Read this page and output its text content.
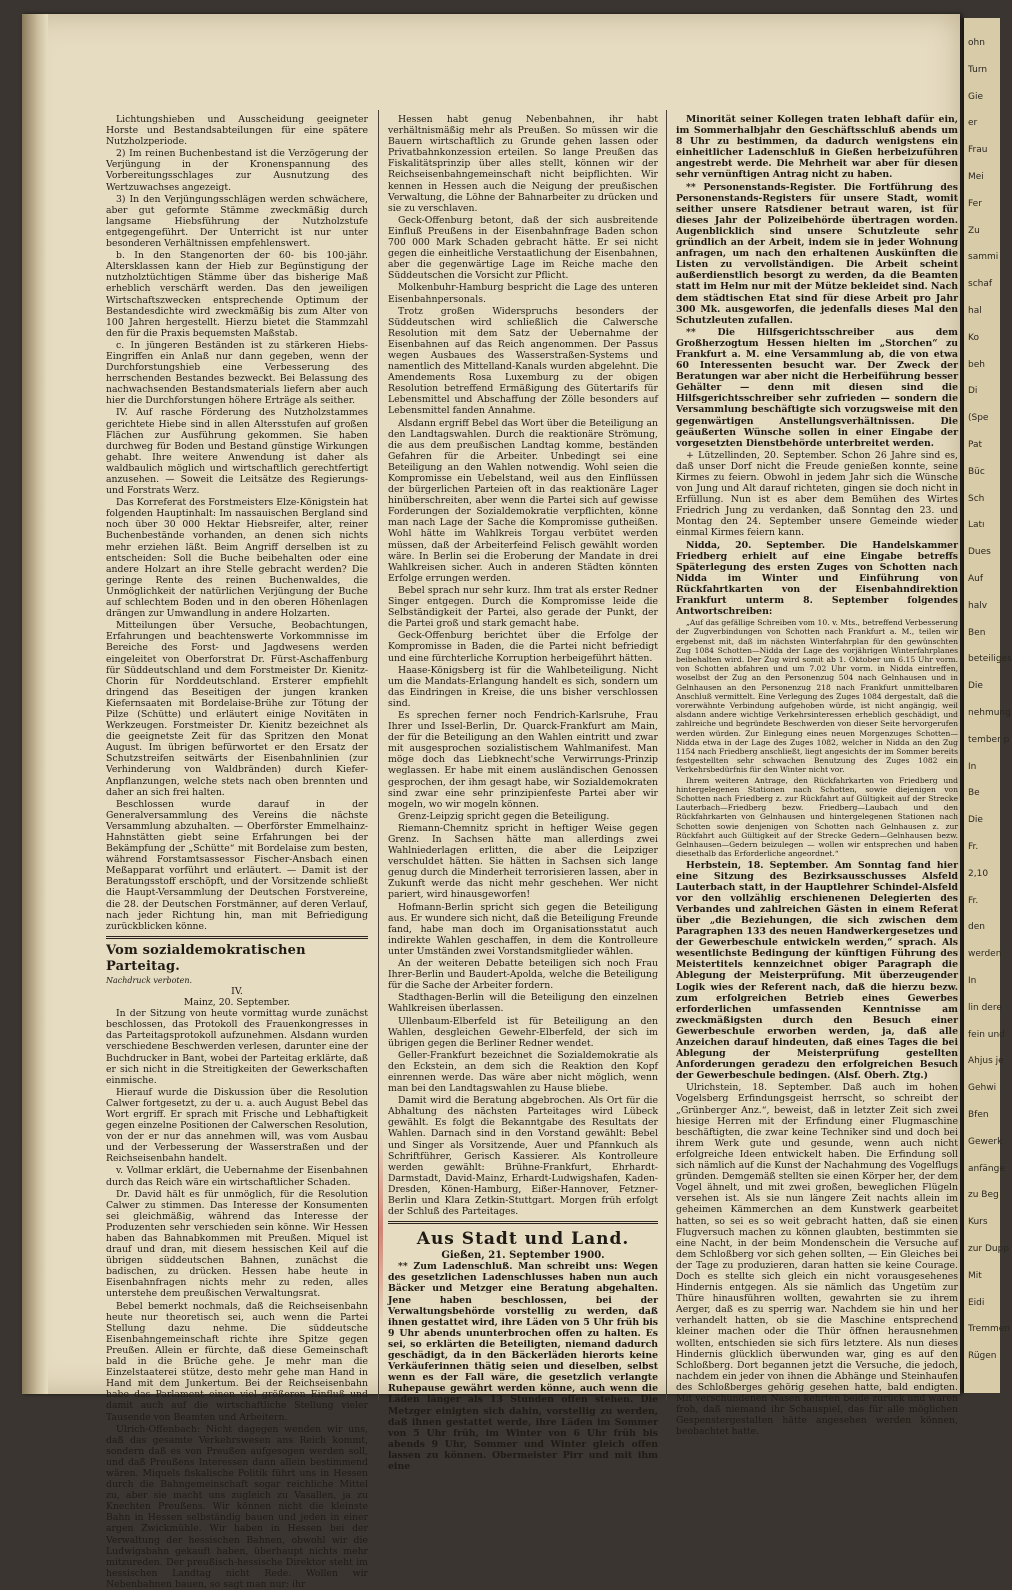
Lichtungshieben und Ausscheidung geeigneter Horste und Bestandsabteilungen für eine spätere Nutzholzperiode.

2) Im reinen Buchenbestand ist die Verzögerung der Verjüngung in der Kronenspannung des Vorbereitungsschlages zur Ausnutzung des Wertzuwachses angezeigt.

3) In den Verjüngungsschlägen werden schwächere, aber gut geformte Stämme zweckmäßig durch langsame Hiebsführung der Nutzholzstufe entgegengeführt. Der Unterricht ist nur unter besonderen Verhältnissen empfehlenswert.

b. In den Stangenorten der 60- bis 100-jähr. Altersklassen kann der Hieb zur Begünstigung der nutzholztüchtigen Stämme über das bisherige Maß erheblich verschärft werden. Das den jeweiligen Wirtschaftszwecken entsprechende Optimum der Bestandesdichte wird zweckmäßig bis zum Alter von 100 Jahren hergestellt. Hierzu bietet die Stammzahl den für die Praxis bequemsten Maßstab.

c. In jüngeren Beständen ist zu stärkeren Hiebs-Eingriffen ein Anlaß nur dann gegeben, wenn der Durchforstungshieb eine Verbesserung des herrschenden Bestandes bezweckt. Bei Belassung des nachwachsenden Bestandsmaterials liefern aber auch hier die Durchforstungen höhere Erträge als seither.

IV. Auf rasche Förderung des Nutzholzstammes gerichtete Hiebe sind in allen Altersstufen auf großen Flächen zur Ausführung gekommen. Sie haben durchweg für Boden und Bestand günstige Wirkungen gehabt. Ihre weitere Anwendung ist daher als waldbaulich möglich und wirtschaftlich gerechtfertigt anzusehen. — Soweit die Leitsätze des Regierungs- und Forstrats Werz.

Das Korreferat des Forstmeisters Elze-Königstein hat folgenden Hauptinhalt: Im nassauischen Bergland sind noch über 30 000 Hektar Hiebsreifer, alter, reiner Buchenbestände vorhanden, an denen sich nichts mehr erziehen läßt. Beim Angriff derselben ist zu entscheiden: Soll die Buche beibehalten oder eine andere Holzart an ihre Stelle gebracht werden? Die geringe Rente des reinen Buchenwaldes, die Unmöglichkeit der natürlichen Verjüngung der Buche auf schlechtem Boden und in den oberen Höhenlagen drängen zur Umwandlung in andere Holzarten.

Mitteilungen über Versuche, Beobachtungen, Erfahrungen und beachtenswerte Vorkommnisse im Bereiche des Forst- und Jagdwesens werden eingeleitet von Oberforstrat Dr. Fürst-Aschaffenburg für Süddeutschland und dem Forstmeister Dr. Kienitz-Chorin für Norddeutschland. Ersterer empfiehlt dringend das Beseitigen der jungen kranken Kiefernsaaten mit Bordelaise-Brühe zur Tötung der Pilze (Schütte) und erläutert einige Novitäten in Werkzeugen. Forstmeister Dr. Kienitz bezeichnet als die geeignetste Zeit für das Spritzen den Monat August. Im übrigen befürwortet er den Ersatz der Schutzstreifen seitwärts der Eisenbahnlinien (zur Verhinderung von Waldbränden) durch Kiefer-Anpflanzungen, welche stets nach oben brennten und daher an sich frei halten.

Beschlossen wurde darauf in der Generalversammlung des Vereins die nächste Versammlung abzuhalten. — Oberförster Emmelhainz-Hahnstätten giebt seine Erfahrungen bei der Bekämpfung der „Schütte“ mit Bordelaise zum besten, während Forstamtsassessor Fischer-Ansbach einen Meßapparat vorführt und erläutert. — Damit ist der Beratungsstoff erschöpft, und der Vorsitzende schließt die Haupt-Versammlung der Deutschen Forstvereine, die 28. der Deutschen Forstmänner, auf deren Verlauf, nach jeder Richtung hin, man mit Befriedigung zurückblicken könne.

Vom sozialdemokratischen Parteitag.
Nachdruck verboten.
IV.
Mainz, 20. September.

In der Sitzung von heute vormittag wurde zunächst beschlossen, das Protokoll des Frauenkongresses in das Parteitagsprotokoll aufzunehmen. Alsdann wurden verschiedene Beschwerden verlesen, darunter eine der Buchdrucker in Bant, wobei der Parteitag erklärte, daß er sich nicht in die Streitigkeiten der Gewerkschaften einmische.

Hierauf wurde die Diskussion über die Resolution Calwer fortgesetzt, zu der u. a. auch August Bebel das Wort ergriff. Er sprach mit Frische und Lebhaftigkeit gegen einzelne Positionen der Calwerschen Resolution, von der er nur das annehmen will, was vom Ausbau und der Verbesserung der Wasserstraßen und der Reichseisenbahn handelt.

v. Vollmar erklärt, die Uebernahme der Eisenbahnen durch das Reich wäre ein wirtschaftlicher Schaden.

Dr. David hält es für unmöglich, für die Resolution Calwer zu stimmen. Das Interesse der Konsumenten sei gleichmäßig, während das Interesse der Produzenten sehr verschieden sein könne. Wir Hessen haben das Bahnabkommen mit Preußen. Miquel ist drauf und dran, mit diesem hessischen Keil auf die übrigen süddeutschen Bahnen, zunächst die badischen, zu drücken. Hessen habe heute in Eisenbahnfragen nichts mehr zu reden, alles unterstehe dem preußischen Verwaltungsrat.

Bebel bemerkt nochmals, daß die Reichseisenbahn heute nur theoretisch sei, auch wenn die Partei Stellung dazu nehme. Die süddeutsche Eisenbahngemeinschaft richte ihre Spitze gegen Preußen. Allein er fürchte, daß diese Gemeinschaft bald in die Brüche gehe. Je mehr man die Einzelstaaterei stütze, desto mehr gehe man Hand in Hand mit dem Junkertum. Bei der Reichseisenbahn habe das Parlament einen viel größeren Einfluß und damit auch auf die wirtschaftliche Stellung vieler Tausende von Beamten und Arbeitern.

Ulrich-Offenbach: Nicht dagegen wenden wir uns, daß das gesamte Verkehrswesen ans Reich kommt, sondern daß es von Preußen aufgesogen werden soll, und daß Preußens Interessen dann allein bestimmend wären. Miquels fiskalische Politik führt uns in Hessen durch die Bahngemeinschaft sogar reichliche Mittel zu, aber sie macht uns zugleich zu Vasallen, ja zu Knechten Preußens. Wir können nicht die kleinste Bahn in Hessen selbständig bauen und jeden in einer argen Zwickmühle. Wir haben in Hessen bei der Verwaltung der hessischen Bahnen, obwohl wir die Ludwigsbahn gekauft haben, überhaupt nichts mehr mitzureden. Der preußisch-hessische Direktor steht im hessischen Landtag nicht Rede. Wollen wir Nebenbahnen bauen, so sagt man nur: ihr

Hessen habt genug Nebenbahnen, ihr habt verhältnismäßig mehr als Preußen. So müssen wir die Bauern wirtschaftlich zu Grunde gehen lassen oder Privatbahnkonzession erteilen. So lange Preußen das Fiskalitätsprinzip über alles stellt, können wir der Reichseisenbahngemeinschaft nicht beipflichten. Wir kennen in Hessen auch die Neigung der preußischen Verwaltung, die Löhne der Bahnarbeiter zu drücken und sie zu verschlaven.

Geck-Offenburg betont, daß der sich ausbreitende Einfluß Preußens in der Eisenbahnfrage Baden schon 700 000 Mark Schaden gebracht hätte. Er sei nicht gegen die einheitliche Verstaatlichung der Eisenbahnen, aber die gegenwärtige Lage im Reiche mache den Süddeutschen die Vorsicht zur Pflicht.

Molkenbuhr-Hamburg bespricht die Lage des unteren Eisenbahnpersonals.

Trotz großen Widerspruchs besonders der Süddeutschen wird schließlich die Calwersche Resolution mit dem Satz der Uebernahme der Eisenbahnen auf das Reich angenommen. Der Passus wegen Ausbaues des Wasserstraßen-Systems und namentlich des Mittelland-Kanals wurden abgelehnt. Die Amendements Rosa Luxemburg zu der obigen Resolution betreffend Ermäßigung des Gütertarifs für Lebensmittel und Abschaffung der Zölle besonders auf Lebensmittel fanden Annahme.

Alsdann ergriff Bebel das Wort über die Beteiligung an den Landtagswahlen. Durch die reaktionäre Strömung, die aus dem preußischen Landtag komme, beständen Gefahren für die Arbeiter. Unbedingt sei eine Beteiligung an den Wahlen notwendig. Wohl seien die Kompromisse ein Uebelstand, weil aus den Einflüssen der bürgerlichen Parteien oft in das reaktionäre Lager hinüberschreiten, aber wenn die Partei sich auf gewisse Forderungen der Sozialdemokratie verpflichten, könne man nach Lage der Sache die Kompromisse gutheißen. Wohl hätte im Wahlkreis Torgau verbütet werden müssen, daß der Arbeiterfeind Felisch gewählt worden wäre. In Berlin sei die Eroberung der Mandate in drei Wahlkreisen sicher. Auch in anderen Städten könnten Erfolge errungen werden.

Bebel sprach nur sehr kurz. Ihm trat als erster Redner Singer entgegen. Durch die Kompromisse leide die Selbständigkeit der Partei, also gerade der Punkt, der die Partei groß und stark gemacht habe.

Geck-Offenburg berichtet über die Erfolge der Kompromisse in Baden, die die Partei nicht befriedigt und eine fürchterliche Korruption herbeigeführt hätten.

Haase-Königsberg ist für die Wahlbeteiligung. Nicht um die Mandats-Erlangung handelt es sich, sondern um das Eindringen in Kreise, die uns bisher verschlossen sind.

Es sprechen ferner noch Fendrich-Karlsruhe, Frau Ihrer und Issel-Berlin, Dr. Quarck-Frankfurt am Main, der für die Beteiligung an den Wahlen eintritt und zwar mit ausgesprochen sozialistischem Wahlmanifest. Man möge doch das Liebknecht'sche Verwirrungs-Prinzip weglassen. Er habe mit einem ausländischen Genossen gesprochen, der ihm gesagt habe, wir Sozialdemokraten sind zwar eine sehr prinzipienfeste Partei aber wir mogeln, wo wir mogeln können.

Grenz-Leipzig spricht gegen die Beteiligung.

Riemann-Chemnitz spricht in heftiger Weise gegen Grenz. In Sachsen hätte man allerdings zwei Wahlniederlagen erlitten, die aber die Leipziger verschuldet hätten. Sie hätten in Sachsen sich lange genug durch die Minderheit terrorisieren lassen, aber in Zukunft werde das nicht mehr geschehen. Wer nicht pariert, wird hinausgeworfen!

Hofmann-Berlin spricht sich gegen die Beteiligung aus. Er wundere sich nicht, daß die Beteiligung Freunde fand, habe man doch im Organisationsstatut auch indirekte Wahlen geschaffen, in dem die Kontrolleure unter Umständen zwei Vorstandsmitglieder wählen.

An der weiteren Debatte beteiligen sich noch Frau Ihrer-Berlin und Baudert-Apolda, welche die Beteiligung für die Sache der Arbeiter fordern.

Stadthagen-Berlin will die Beteiligung den einzelnen Wahlkreisen überlassen.

Ullenbaum-Elberfeld ist für Beteiligung an den Wahlen, desgleichen Gewehr-Elberfeld, der sich im übrigen gegen die Berliner Redner wendet.

Geller-Frankfurt bezeichnet die Sozialdemokratie als den Eckstein, an dem sich die Reaktion den Kopf einrennen werde. Das wäre aber nicht möglich, wenn man bei den Landtagswahlen zu Hause bliebe.

Damit wird die Beratung abgebrochen. Als Ort für die Abhaltung des nächsten Parteitages wird Lübeck gewählt. Es folgt die Bekanntgabe des Resultats der Wahlen. Darnach sind in den Vorstand gewählt: Bebel und Singer als Vorsitzende, Auer und Pfannkuch als Schriftführer, Gerisch Kassierer. Als Kontrolleure werden gewählt: Brühne-Frankfurt, Ehrhardt-Darmstadt, David-Mainz, Erhardt-Ludwigshafen, Kaden-Dresden, Könen-Hamburg, Eißer-Hannover, Fetzner-Berlin und Klara Zetkin-Stuttgart. Morgen früh erfolgt der Schluß des Parteitages.

Aus Stadt und Land.
Gießen, 21. September 1900.

** Zum Ladenschluß. Man schreibt uns: Wegen des gesetzlichen Ladenschlusses haben nun auch Bäcker und Metzger eine Beratung abgehalten. Jene haben beschlossen, bei der Verwaltungsbehörde vorstellig zu werden, daß ihnen gestattet wird, ihre Läden von 5 Uhr früh bis 9 Uhr abends ununterbrochen offen zu halten. Es sei, so erklärten die Beteiligten, niemand dadurch geschädigt, da in den Bäckerläden hierorts keine Verkäuferinnen thätig seien und dieselben, selbst wenn es der Fall wäre, die gesetzlich verlangte Ruhepause gewährt werden könne, auch wenn die Läden länger als 13 Stunden offen stehen. Die Metzger einigten sich dahin, vorstellig zu werden, daß ihnen gestattet werde, ihre Läden im Sommer von 5 Uhr früh, im Winter von 6 Uhr früh bis abends 9 Uhr, Sommer und Winter gleich offen lassen zu können. Obermeister Pirr und mit ihm eine

Minorität seiner Kollegen traten lebhaft dafür ein, im Sommerhalbjahr den Geschäftsschluß abends um 8 Uhr zu bestimmen, da dadurch wenigstens ein einheitlicher Ladenschluß in Gießen herbeizuführen angestrebt werde. Die Mehrheit war aber für diesen sehr vernünftigen Antrag nicht zu haben.

** Personenstands-Register. Die Fortführung des Personenstands-Registers für unsere Stadt, womit seither unsere Ratsdiener betraut waren, ist für dieses Jahr der Polizeibehörde übertragen worden. Augenblicklich sind unsere Schutzleute sehr gründlich an der Arbeit, indem sie in jeder Wohnung anfragen, um nach den erhaltenen Auskünften die Listen zu vervollständigen. Die Arbeit scheint außerdienstlich besorgt zu werden, da die Beamten statt im Helm nur mit der Mütze bekleidet sind. Nach dem städtischen Etat sind für diese Arbeit pro Jahr 300 Mk. ausgeworfen, die jedenfalls dieses Mal den Schutzleuten zufallen.

** Die Hilfsgerichtsschreiber aus dem Großherzogtum Hessen hielten im „Storchen“ zu Frankfurt a. M. eine Versammlung ab, die von etwa 60 Interessenten besucht war. Der Zweck der Beratungen war aber nicht die Herbeiführung besser Gehälter — denn mit diesen sind die Hilfsgerichtsschreiber sehr zufrieden — sondern die Versammlung beschäftigte sich vorzugsweise mit den gegenwärtigen Anstellungsverhältnissen. Die geäußerten Wünsche sollen in einer Eingabe der vorgesetzten Dienstbehörde unterbreitet werden.

+ Lützellinden, 20. September. Schon 26 Jahre sind es, daß unser Dorf nicht die Freude genießen konnte, seine Kirmes zu feiern. Obwohl in jedem Jahr sich die Wünsche von Jung und Alt darauf richteten, gingen sie doch nicht in Erfüllung. Nun ist es aber dem Bemühen des Wirtes Friedrich Jung zu verdanken, daß Sonntag den 23. und Montag den 24. September unsere Gemeinde wieder einmal Kirmes feiern kann.

Nidda, 20. September. Die Handelskammer Friedberg erhielt auf eine Eingabe betreffs Späterlegung des ersten Zuges von Schotten nach Nidda im Winter und Einführung von Rückfahrtkarten von der Eisenbahndirektion Frankfurt unterm 8. September folgendes Antwortschreiben:

„Auf das gefällige Schreiben vom 10. v. Mts., betreffend Verbesserung der Zugverbindungen von Schotten nach Frankfurt a. M., teilen wir ergebenst mit, daß im nächsten Winterfahrplan für den gewünschten Zug 1084 Schotten—Nidda der Lage des vorjährigen Winterfahrplanes beibehalten wird. Der Zug wird somit ab 1. Oktober um 6.15 Uhr vorm. von Schotten abfahren und um 7.02 Uhr vorm. in Nidda eintreffen, woselbst der Zug an den Personenzug 504 nach Gelnhausen und in Gelnhausen an den Personenzug 218 nach Frankfurt unmittelbaren Anschluß vermittelt. Eine Verlegung des Zuges 1084 dergestalt, daß die vorerwähnte Verbindung aufgehoben würde, ist nicht angängig, weil alsdann andere wichtige Verkehrsinteressen erheblich geschädigt, und zahlreiche und begründete Beschwerden von dieser Seite hervorgerufen werden würden. Zur Einlegung eines neuen Morgenzuges Schotten—Nidda etwa in der Lage des Zuges 1082, welcher in Nidda an den Zug 1154 nach Friedberg anschließt, liegt angesichts der im Sommer bereits festgestellten sehr schwachen Benutzung des Zuges 1082 ein Verkehrsbedürfnis für den Winter nicht vor.

Ihrem weiteren Antrage, den Rückfahrkarten von Friedberg und hintergelegenen Stationen nach Schotten, sowie diejenigen von Schotten nach Friedberg z. zur Rückfahrt auf Gültigkeit auf der Strecke Lauterbach—Friedberg bezw. Friedberg—Laubach und den Rückfahrkarten von Gelnhausen und hintergelegenen Stationen nach Schotten sowie denjenigen von Schotten nach Gelnhausen z. zur Rückfahrt auch Gültigkeit auf der Strecke Gedern—Gelnhausen bezw. Gelnhausen—Gedern beizulegen — wollen wir entsprechen und haben diesethalb das Erforderliche angeordnet.“

Herbstein, 18. September. Am Sonntag fand hier eine Sitzung des Bezirksausschusses Alsfeld Lauterbach statt, in der Hauptlehrer Schindel-Alsfeld vor den vollzählig erschienenen Delegierten des Verbandes und zahlreichen Gästen in einem Referat über „die Beziehungen, die sich zwischen dem Paragraphen 133 des neuen Handwerkergesetzes und der Gewerbeschule entwickeln werden,“ sprach. Als wesentlichste Bedingung der künftigen Führung des Meistertitels kennzeichnet obiger Paragraph die Ablegung der Meisterprüfung. Mit überzeugender Logik wies der Referent nach, daß die hierzu bezw. zum erfolgreichen Betrieb eines Gewerbes erforderlichen umfassenden Kenntnisse am zweckmäßigsten durch den Besuch einer Gewerbeschule erworben werden, ja, daß alle Anzeichen darauf hindeuten, daß eines Tages die bei Ablegung der Meisterprüfung gestellten Anforderungen geradezu den erfolgreichen Besuch der Gewerbeschule bedingen. (Alsf. Oberh. Ztg.)

Ulrichstein, 18. September. Daß auch im hohen Vogelsberg Erfindungsgeist herrscht, so schreibt der „Grünberger Anz.“, beweist, daß in letzter Zeit sich zwei hiesige Herren mit der Erfindung einer Flugmaschine beschäftigten, die zwar keine Techniker sind und doch bei ihrem Werk gute und gesunde, wenn auch nicht erfolgreiche Ideen entwickelt haben. Die Erfindung soll sich nämlich auf die Kunst der Nachahmung des Vogelflugs gründen. Demgemäß stellten sie einen Körper her, der dem Vogel ähnelt, und mit zwei großen, beweglichen Flügeln versehen ist. Als sie nun längere Zeit nachts allein im geheimen Kämmerchen an dem Kunstwerk gearbeitet hatten, so sei es so weit gebracht hatten, daß sie einen Flugversuch machen zu können glaubten, bestimmten sie eine Nacht, in der beim Mondenschein die Versuche auf dem Schloßberg vor sich gehen sollten, — Ein Gleiches bei der Tage zu produzieren, daran hatten sie keine Courage. Doch es stellte sich gleich ein nicht vorausgesehenes Hindernis entgegen. Als sie nämlich das Ungetüm zur Thüre hinausführen wollten, gewahrten sie zu ihrem Aerger, daß es zu sperrig war. Nachdem sie hin und her verhandelt hatten, ob sie die Maschine entsprechend kleiner machen oder die Thür öffnen herausnehmen wollten, entschieden sie sich fürs letztere. Als nun dieses Hindernis glücklich überwunden war, ging es auf den Schloßberg. Dort begannen jetzt die Versuche, die jedoch, nachdem ein jeder von ihnen die Abhänge und Steinhaufen des Schloßberges gehörig gesehen hatte, bald endigten. Mit verschundenen Nasen kehrten beide zurück und waren froh, daß niemand ihr Schauspiel, das für alle möglichen Gespenstergestalten hätte angesehen werden können, beobachtet hatte.

ohn
Turn
Gie
er
Frau
Mei
Fer
Zu
sammi
schaf
hal
Ko
beh
Di
(Spe
Pat
Büc
Sch
Latı
Dues
Auf
halv
Ben
beteiliges
Die
nehmung
tember p
In
Be
Die
Fr.
2,10
Fr.
den
werden
In
lin dere
fein und
Ahjus je
Gehwi
Bfen
Gewerk
anfänge
zu Beg
Kurs
zur Dupp
Mit
Eidi
Tremmen
Rügen
